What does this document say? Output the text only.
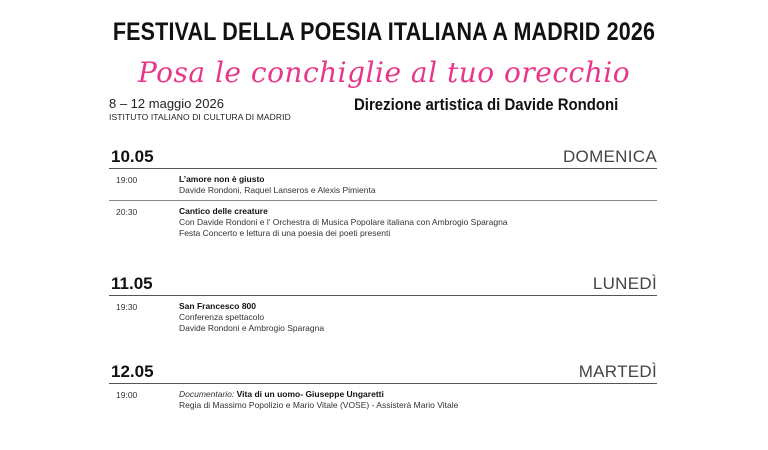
FESTIVAL DELLA POESIA ITALIANA A MADRID 2026
Posa le conchiglie al tuo orecchio
8 – 12 maggio 2026
ISTITUTO ITALIANO DI CULTURA DI MADRID
Direzione artistica di Davide Rondoni
10.05	DOMENICA
19:00	L’amore non è giusto
Davide Rondoni, Raquel Lanseros e Alexis Pimienta
20:30	Cantico delle creature
Con Davide Rondoni e l’ Orchestra di Musica Popolare italiana con Ambrogio Sparagna
Festa Concerto e lettura di una poesia dei poeti presenti
11.05	LUNEDÌ
19:30	San Francesco 800
Conferenza spettacolo
Davide Rondoni e Ambrogio Sparagna
12.05	MARTEDÌ
19:00	Documentario: Vita di un uomo- Giuseppe Ungaretti
Regia di Massimo Popolizio e Mario Vitale (VOSE) - Assisterà Mario Vitale
